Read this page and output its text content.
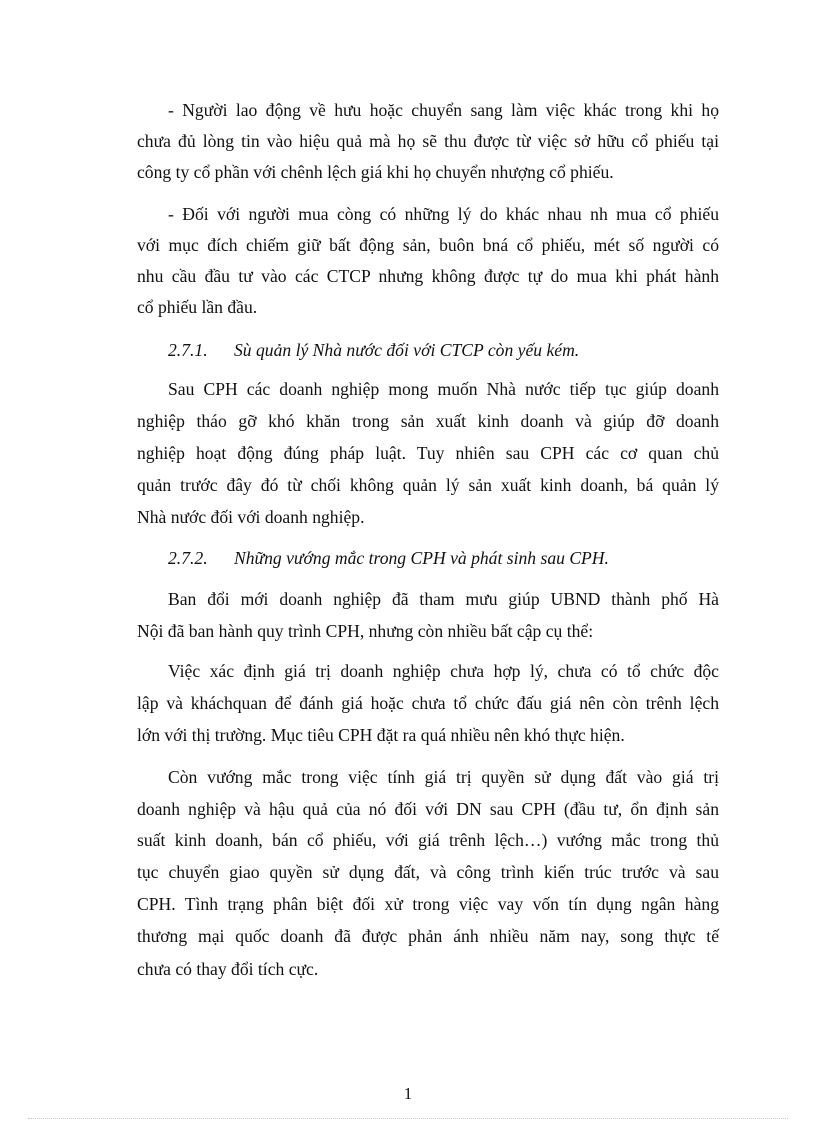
- Người lao động về hưu hoặc chuyển sang làm việc khác trong khi họ
chưa đủ lòng tin vào hiệu quả mà họ sẽ thu được từ việc sở hữu cổ phiếu tại
công ty cổ phần với chênh lệch giá khi họ chuyển nhượng cổ phiếu.
- Đối với người mua còng có những lý do khác nhau nh mua cổ phiếu
với mục đích chiếm giữ bất động sản, buôn bná cổ phiếu, mét số người có
nhu cầu đầu tư vào các CTCP nhưng không được tự do mua khi phát hành
cổ phiếu lần đầu.
2.7.1. Sù quản lý Nhà nước đối với CTCP còn yếu kém.
Sau CPH các doanh nghiệp mong muốn Nhà nước tiếp tục giúp doanh
nghiệp tháo gỡ khó khăn trong sản xuất kinh doanh và giúp đỡ doanh
nghiệp hoạt động đúng pháp luật. Tuy nhiên sau CPH các cơ quan chủ
quản trước đây đó từ chối không quản lý sản xuất kinh doanh, bá quản lý
Nhà nước đối với doanh nghiệp.
2.7.2. Những vướng mắc trong CPH và phát sinh sau CPH.
Ban đổi mới doanh nghiệp đã tham mưu giúp UBND thành phố Hà
Nội đã ban hành quy trình CPH, nhưng còn nhiều bất cập cụ thể:
Việc xác định giá trị doanh nghiệp chưa hợp lý, chưa có tổ chức độc
lập và kháchquan để đánh giá hoặc chưa tổ chức đấu giá nên còn trênh lệch
lớn với thị trường. Mục tiêu CPH đặt ra quá nhiều nên khó thực hiện.
Còn vướng mắc trong việc tính giá trị quyền sử dụng đất vào giá trị
doanh nghiệp và hậu quả của nó đối với DN sau CPH (đầu tư, ổn định sản
suất kinh doanh, bán cổ phiếu, với giá trênh lệch…) vướng mắc trong thủ
tục chuyển giao quyền sử dụng đất, và công trình kiến trúc trước và sau
CPH. Tình trạng phân biệt đối xử trong việc vay vốn tín dụng ngân hàng
thương mại quốc doanh đã được phản ánh nhiều năm nay, song thực tế
chưa có thay đổi tích cực.
1
